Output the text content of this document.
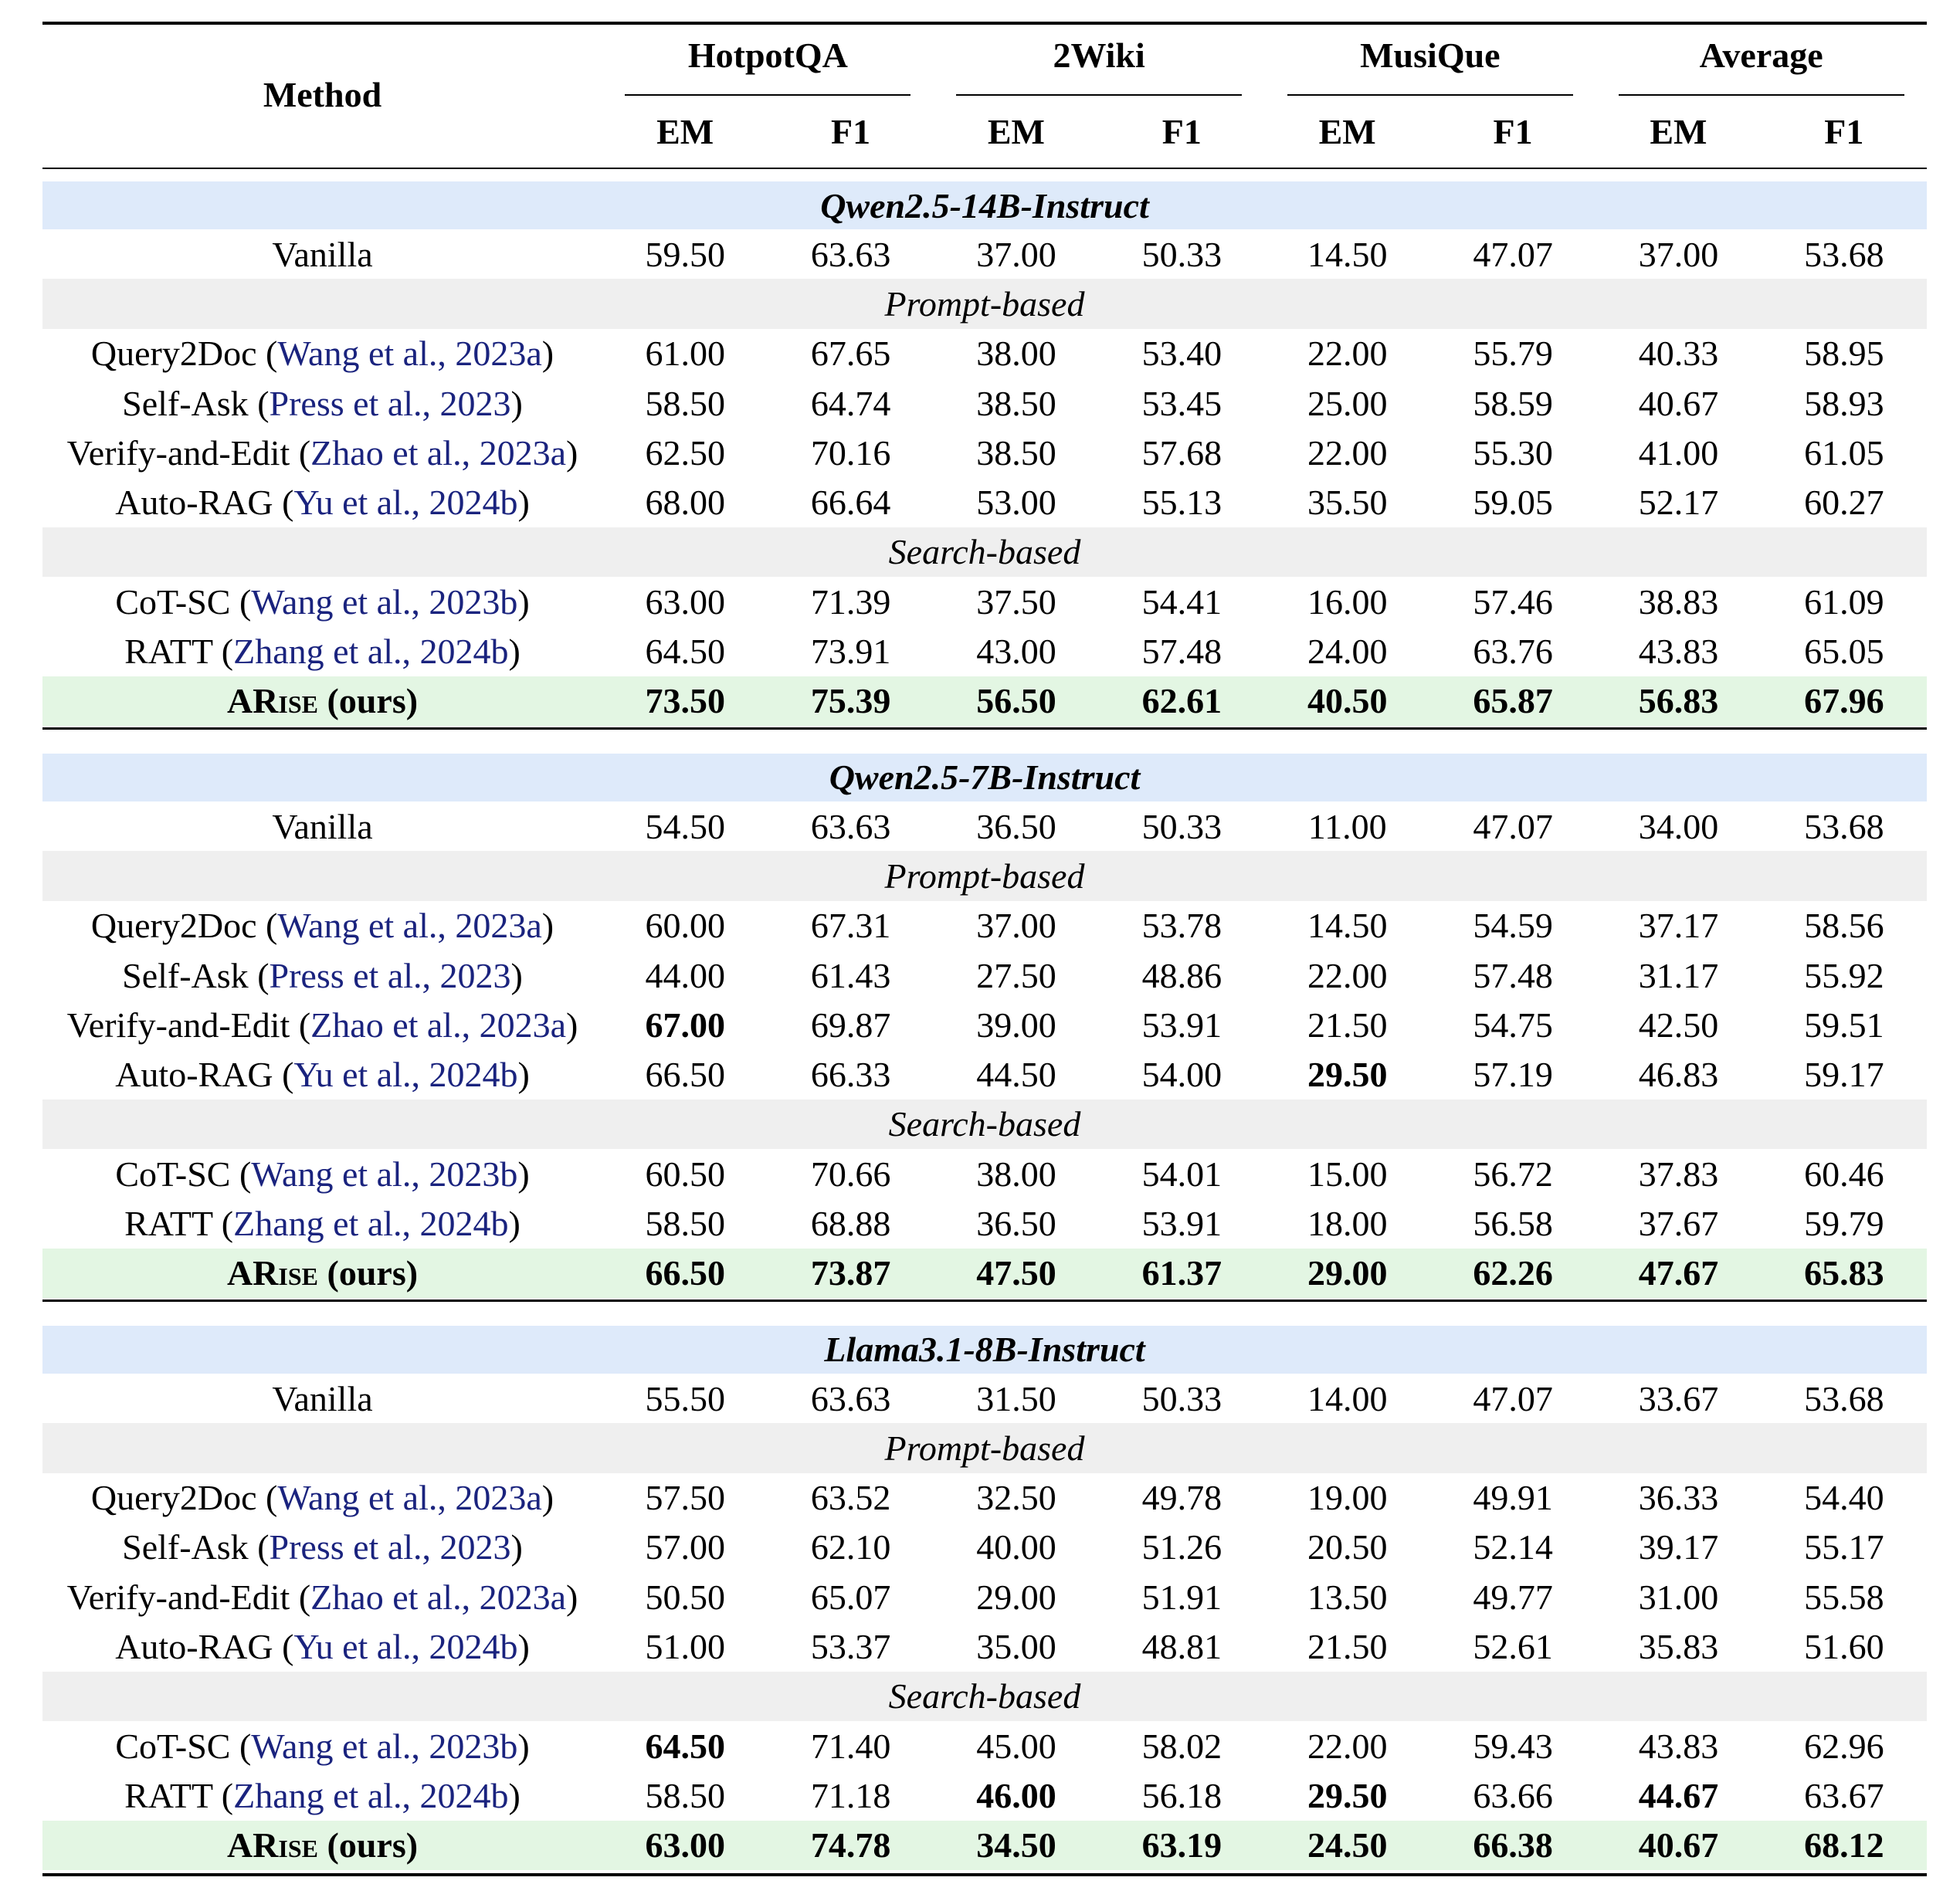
Method	HotpotQA		2Wiki		MusiQue		Average	
	EM	F1	EM	F1	EM	F1	EM	F1

Qwen2.5-14B-Instruct								
Vanilla	59.50	63.63	37.00	50.33	14.50	47.07	37.00	53.68
Prompt-based								
Query2Doc (Wang et al., 2023a)	61.00	67.65	38.00	53.40	22.00	55.79	40.33	58.95
Self-Ask (Press et al., 2023)	58.50	64.74	38.50	53.45	25.00	58.59	40.67	58.93
Verify-and-Edit (Zhao et al., 2023a)	62.50	70.16	38.50	57.68	22.00	55.30	41.00	61.05
Auto-RAG (Yu et al., 2024b)	68.00	66.64	53.00	55.13	35.50	59.05	52.17	60.27
Search-based								
CoT-SC (Wang et al., 2023b)	63.00	71.39	37.50	54.41	16.00	57.46	38.83	61.09
RATT (Zhang et al., 2024b)	64.50	73.91	43.00	57.48	24.00	63.76	43.83	65.05
ARise (ours)	73.50	75.39	56.50	62.61	40.50	65.87	56.83	67.96

Qwen2.5-7B-Instruct								
Vanilla	54.50	63.63	36.50	50.33	11.00	47.07	34.00	53.68
Prompt-based								
Query2Doc (Wang et al., 2023a)	60.00	67.31	37.00	53.78	14.50	54.59	37.17	58.56
Self-Ask (Press et al., 2023)	44.00	61.43	27.50	48.86	22.00	57.48	31.17	55.92
Verify-and-Edit (Zhao et al., 2023a)	67.00	69.87	39.00	53.91	21.50	54.75	42.50	59.51
Auto-RAG (Yu et al., 2024b)	66.50	66.33	44.50	54.00	29.50	57.19	46.83	59.17
Search-based								
CoT-SC (Wang et al., 2023b)	60.50	70.66	38.00	54.01	15.00	56.72	37.83	60.46
RATT (Zhang et al., 2024b)	58.50	68.88	36.50	53.91	18.00	56.58	37.67	59.79
ARise (ours)	66.50	73.87	47.50	61.37	29.00	62.26	47.67	65.83

Llama3.1-8B-Instruct								
Vanilla	55.50	63.63	31.50	50.33	14.00	47.07	33.67	53.68
Prompt-based								
Query2Doc (Wang et al., 2023a)	57.50	63.52	32.50	49.78	19.00	49.91	36.33	54.40
Self-Ask (Press et al., 2023)	57.00	62.10	40.00	51.26	20.50	52.14	39.17	55.17
Verify-and-Edit (Zhao et al., 2023a)	50.50	65.07	29.00	51.91	13.50	49.77	31.00	55.58
Auto-RAG (Yu et al., 2024b)	51.00	53.37	35.00	48.81	21.50	52.61	35.83	51.60
Search-based								
CoT-SC (Wang et al., 2023b)	64.50	71.40	45.00	58.02	22.00	59.43	43.83	62.96
RATT (Zhang et al., 2024b)	58.50	71.18	46.00	56.18	29.50	63.66	44.67	63.67
ARise (ours)	63.00	74.78	34.50	63.19	24.50	66.38	40.67	68.12
